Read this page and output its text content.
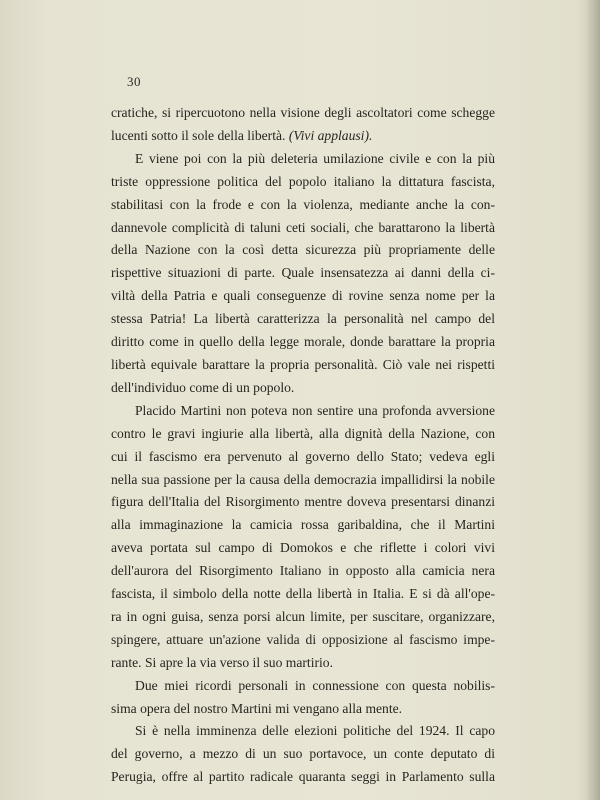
30

cratiche, si ripercuotono nella visione degli ascoltatori come schegge

lucenti sotto il sole della libertà. (Vivi applausi).

E viene poi con la più deleteria umilazione civile e con la più

triste oppressione politica del popolo italiano la dittatura fascista,

stabilitasi con la frode e con la violenza, mediante anche la con-

dannevole complicità di taluni ceti sociali, che barattarono la libertà

della Nazione con la così detta sicurezza più propriamente delle

rispettive situazioni di parte. Quale insensatezza ai danni della ci-

viltà della Patria e quali conseguenze di rovine senza nome per la

stessa Patria! La libertà caratterizza la personalità nel campo del

diritto come in quello della legge morale, donde barattare la propria

libertà equivale barattare la propria personalità. Ciò vale nei rispetti

dell'individuo come di un popolo.

Placido Martini non poteva non sentire una profonda avversione

contro le gravi ingiurie alla libertà, alla dignità della Nazione, con

cui il fascismo era pervenuto al governo dello Stato; vedeva egli

nella sua passione per la causa della democrazia impallidirsi la nobile

figura dell'Italia del Risorgimento mentre doveva presentarsi dinanzi

alla immaginazione la camicia rossa garibaldina, che il Martini

aveva portata sul campo di Domokos e che riflette i colori vivi

dell'aurora del Risorgimento Italiano in opposto alla camicia nera

fascista, il simbolo della notte della libertà in Italia. E si dà all'ope-

ra in ogni guisa, senza porsi alcun limite, per suscitare, organizzare,

spingere, attuare un'azione valida di opposizione al fascismo impe-

rante. Si apre la via verso il suo martirio.

Due miei ricordi personali in connessione con questa nobilis-

sima opera del nostro Martini mi vengano alla mente.

Si è nella imminenza delle elezioni politiche del 1924. Il capo

del governo, a mezzo di un suo portavoce, un conte deputato di

Perugia, offre al partito radicale quaranta seggi in Parlamento sulla
